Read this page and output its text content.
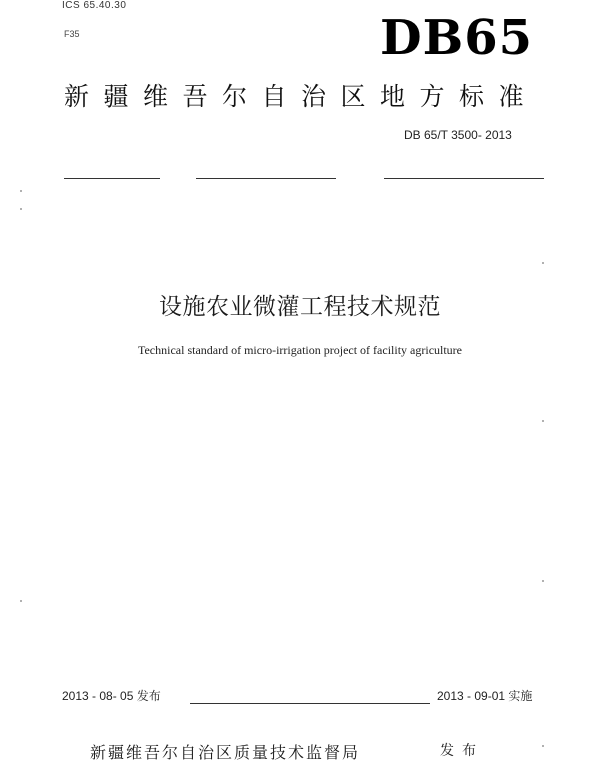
ICS 65.40.30
F35	DB65
新疆维吾尔自治区地方标准
DB 65/T 3500- 2013
设施农业微灌工程技术规范
Technical standard of micro-irrigation project of facility agriculture
2013 - 08- 05 发布	2013 - 09-01 实施
新疆维吾尔自治区质量技术监督局	发布
